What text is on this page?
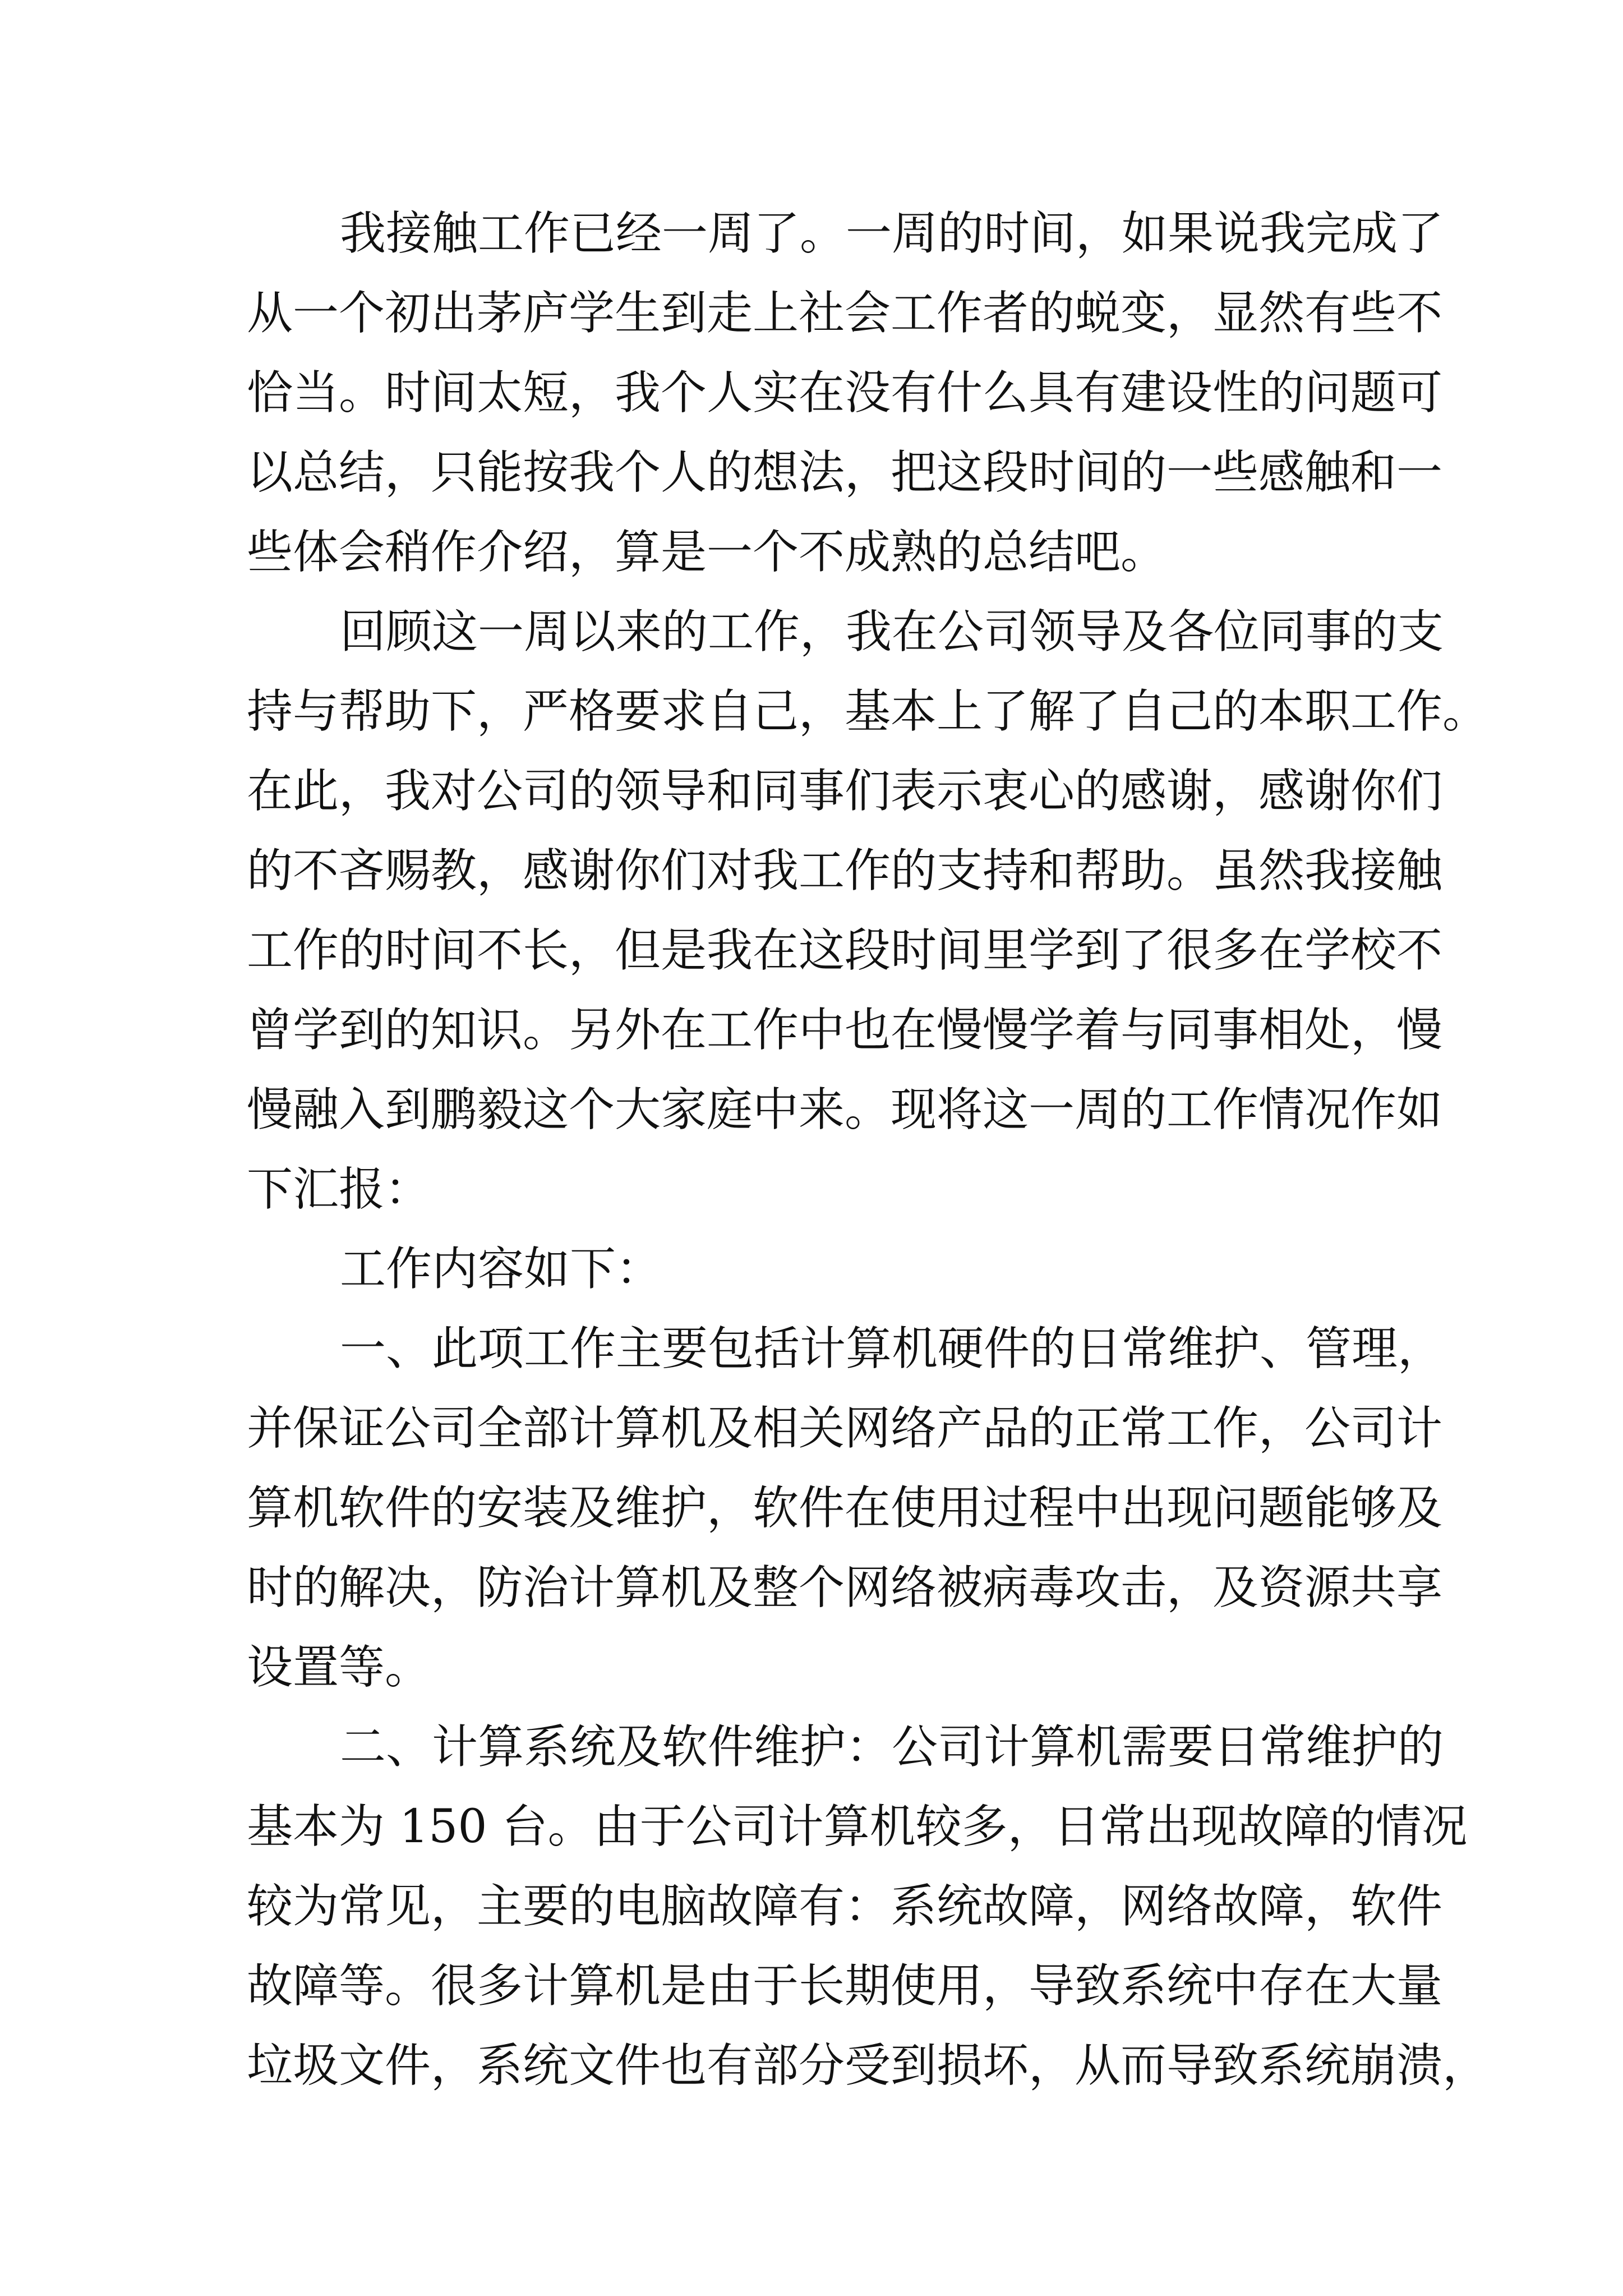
我接触工作已经一周了。一周的时间，如果说我完成了
从一个初出茅庐学生到走上社会工作者的蜕变，显然有些不
恰当。时间太短，我个人实在没有什么具有建设性的问题可
以总结，只能按我个人的想法，把这段时间的一些感触和一
些体会稍作介绍，算是一个不成熟的总结吧。
回顾这一周以来的工作，我在公司领导及各位同事的支
持与帮助下，严格要求自己，基本上了解了自己的本职工作。
在此，我对公司的领导和同事们表示衷心的感谢，感谢你们
的不吝赐教，感谢你们对我工作的支持和帮助。虽然我接触
工作的时间不长，但是我在这段时间里学到了很多在学校不
曾学到的知识。另外在工作中也在慢慢学着与同事相处，慢
慢融入到鹏毅这个大家庭中来。现将这一周的工作情况作如
下汇报：
工作内容如下：
一、此项工作主要包括计算机硬件的日常维护、管理，
并保证公司全部计算机及相关网络产品的正常工作，公司计
算机软件的安装及维护，软件在使用过程中出现问题能够及
时的解决，防治计算机及整个网络被病毒攻击，及资源共享
设置等。
二、计算系统及软件维护：公司计算机需要日常维护的
基本为 150 台。由于公司计算机较多，日常出现故障的情况
较为常见，主要的电脑故障有：系统故障，网络故障，软件
故障等。很多计算机是由于长期使用，导致系统中存在大量
垃圾文件，系统文件也有部分受到损坏，从而导致系统崩溃，
